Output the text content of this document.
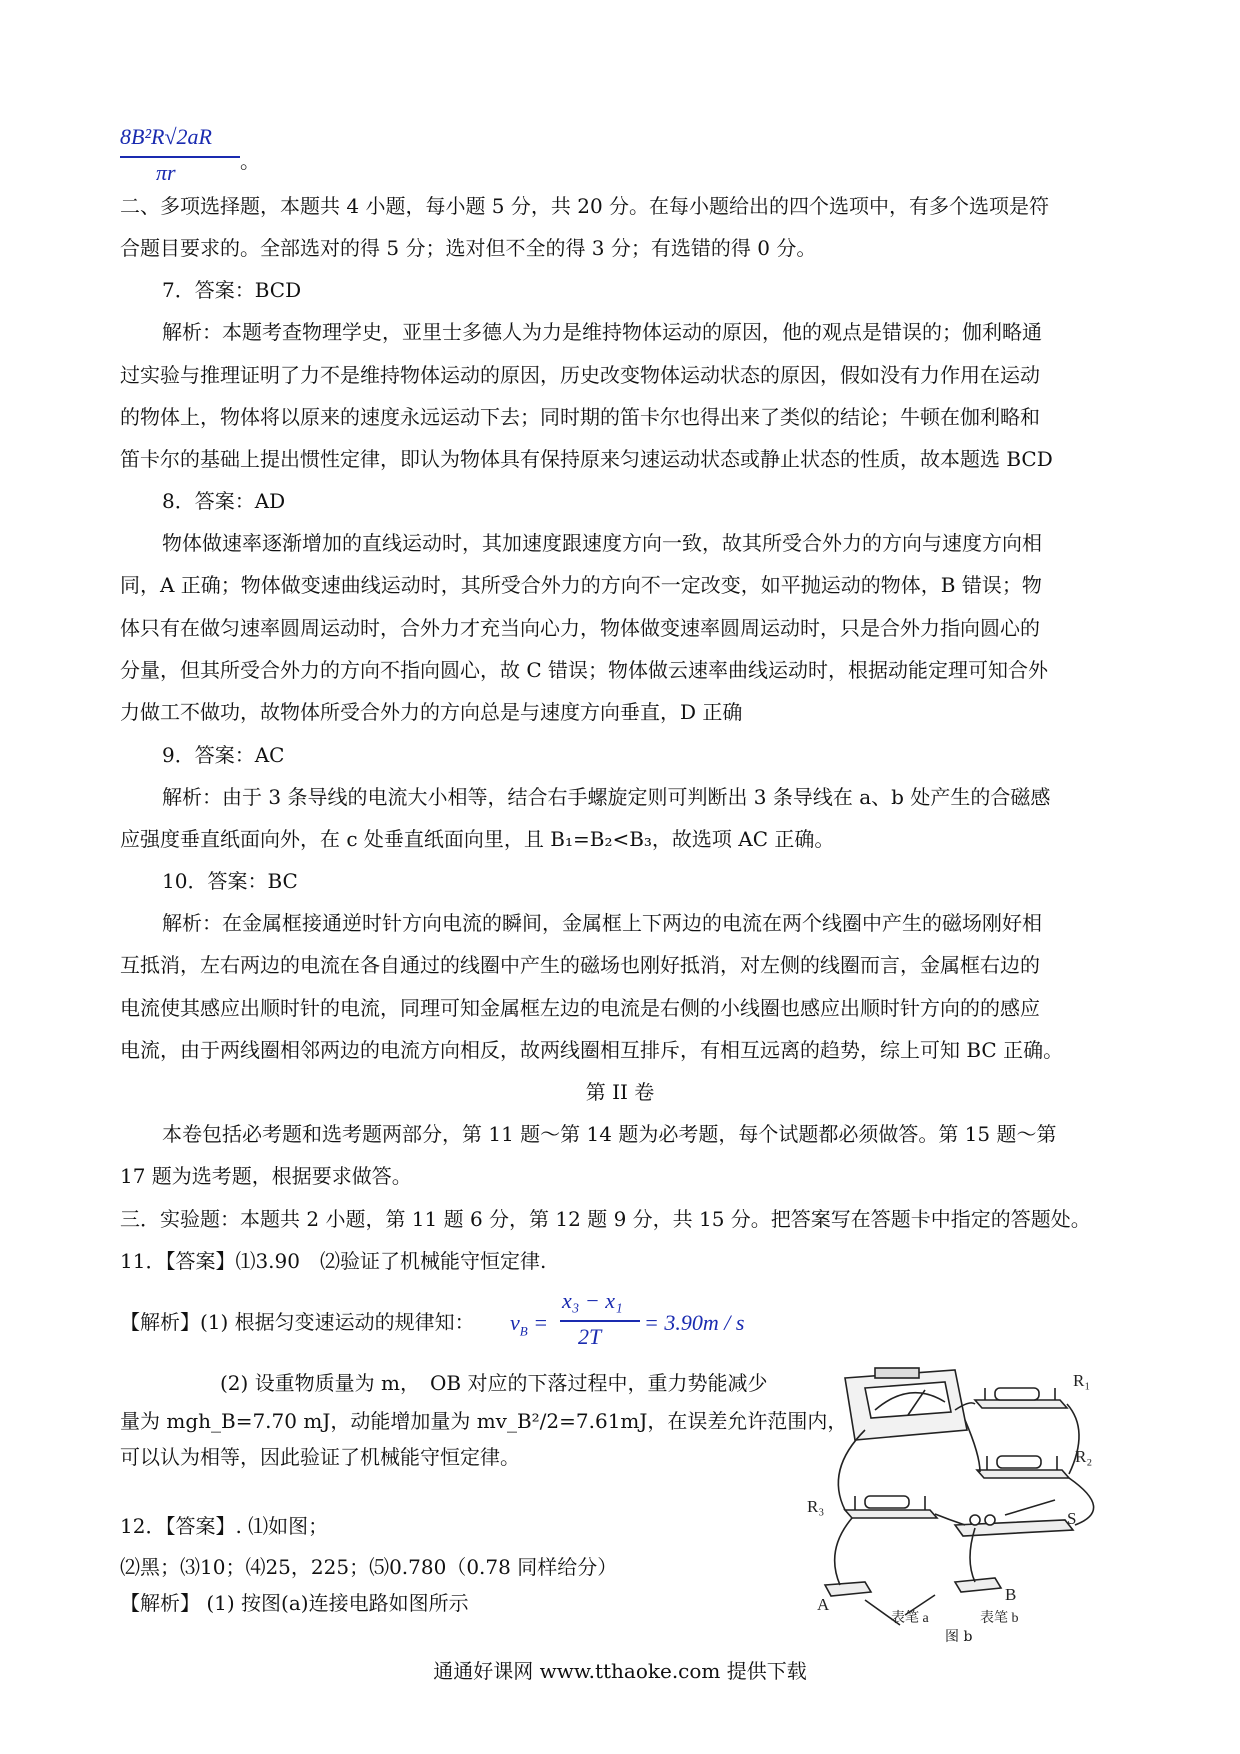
8B²R√2aR
πr	。
二、多项选择题，本题共 4 小题，每小题 5 分，共 20 分。在每小题给出的四个选项中，有多个选项是符
合题目要求的。全部选对的得 5 分；选对但不全的得 3 分；有选错的得 0 分。
7．答案：BCD
解析：本题考查物理学史，亚里士多德人为力是维持物体运动的原因，他的观点是错误的；伽利略通
过实验与推理证明了力不是维持物体运动的原因，历史改变物体运动状态的原因，假如没有力作用在运动
的物体上，物体将以原来的速度永远运动下去；同时期的笛卡尔也得出来了类似的结论；牛顿在伽利略和
笛卡尔的基础上提出惯性定律，即认为物体具有保持原来匀速运动状态或静止状态的性质，故本题选 BCD
8．答案：AD
物体做速率逐渐增加的直线运动时，其加速度跟速度方向一致，故其所受合外力的方向与速度方向相
同，A 正确；物体做变速曲线运动时，其所受合外力的方向不一定改变，如平抛运动的物体，B 错误；物
体只有在做匀速率圆周运动时，合外力才充当向心力，物体做变速率圆周运动时，只是合外力指向圆心的
分量，但其所受合外力的方向不指向圆心，故 C 错误；物体做云速率曲线运动时，根据动能定理可知合外
力做工不做功，故物体所受合外力的方向总是与速度方向垂直，D 正确
9．答案：AC
解析：由于 3 条导线的电流大小相等，结合右手螺旋定则可判断出 3 条导线在 a、b 处产生的合磁感
应强度垂直纸面向外，在 c 处垂直纸面向里，且 B₁=B₂<B₃，故选项 AC 正确。
10．答案：BC
解析：在金属框接通逆时针方向电流的瞬间，金属框上下两边的电流在两个线圈中产生的磁场刚好相
互抵消，左右两边的电流在各自通过的线圈中产生的磁场也刚好抵消，对左侧的线圈而言，金属框右边的
电流使其感应出顺时针的电流，同理可知金属框左边的电流是右侧的小线圈也感应出顺时针方向的的感应
电流，由于两线圈相邻两边的电流方向相反，故两线圈相互排斥，有相互远离的趋势，综上可知 BC 正确。
第 II 卷
本卷包括必考题和选考题两部分，第 11 题～第 14 题为必考题，每个试题都必须做答。第 15 题～第
17 题为选考题，根据要求做答。
三．实验题：本题共 2 小题，第 11 题 6 分，第 12 题 9 分，共 15 分。把答案写在答题卡中指定的答题处。
11．【答案】⑴3.90　⑵验证了机械能守恒定律.
【解析】(1) 根据匀变速运动的规律知：	$v_B$ =
x₃ − x₁
2T
= 3.90m / s
(2) 设重物质量为 m，　OB 对应的下落过程中，重力势能减少
量为 mgh_B=7.70 mJ，动能增加量为 mv_B²/2=7.61mJ，在误差允许范围内，
可以认为相等，因此验证了机械能守恒定律。
12．【答案】. ⑴如图；
⑵黑；⑶10；⑷25，225；⑸0.780（0.78 同样给分）
【解析】 (1) 按图(a)连接电路如图所示
R₁
R₂
R₃
S
A
B
表笔 a	表笔 b
图 b
通通好课网 www.tthaoke.com 提供下载
